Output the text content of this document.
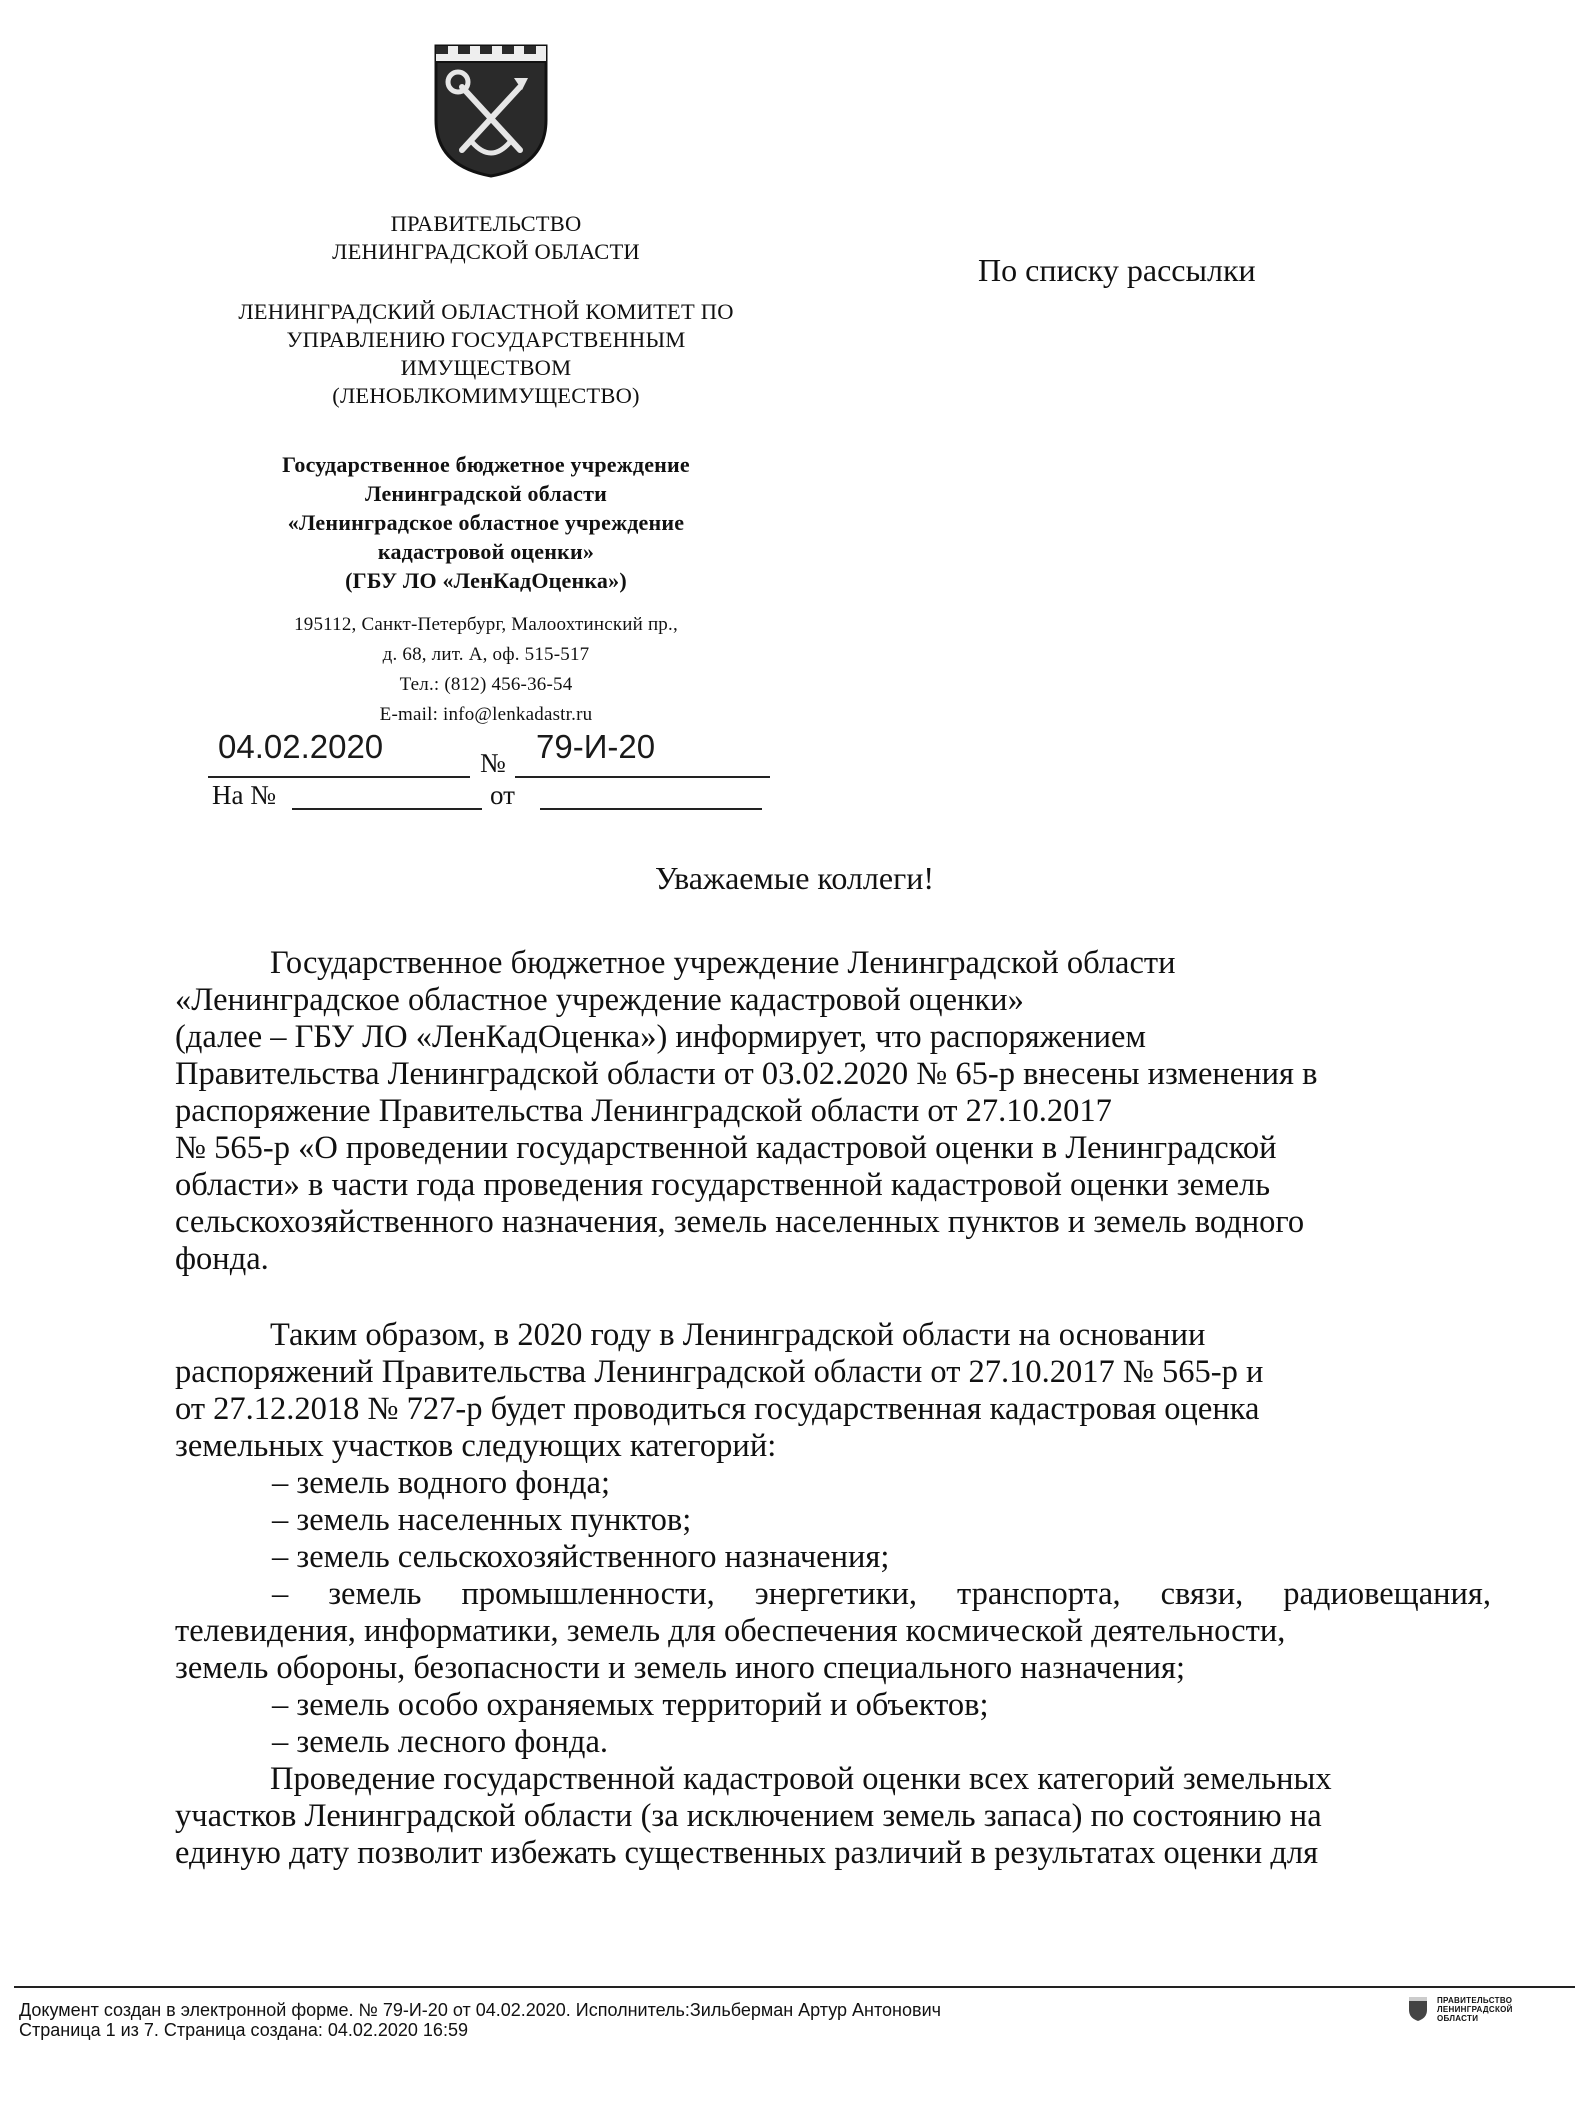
ПРАВИТЕЛЬСТВО
ЛЕНИНГРАДСКОЙ ОБЛАСТИ
ЛЕНИНГРАДСКИЙ ОБЛАСТНОЙ КОМИТЕТ ПО
УПРАВЛЕНИЮ ГОСУДАРСТВЕННЫМ
ИМУЩЕСТВОМ
(ЛЕНОБЛКОМИМУЩЕСТВО)
Государственное бюджетное учреждение
Ленинградской области
«Ленинградское областное учреждение
кадастровой оценки»
(ГБУ ЛО «ЛенКадОценка»)
195112, Санкт-Петербург, Малоохтинский пр.,
д. 68, лит. А, оф. 515-517
Тел.: (812) 456-36-54
E-mail: info@lenkadastr.ru
04.02.2020	№ 79-И-20
На №	от
По списку рассылки
Уважаемые коллеги!

Государственное бюджетное учреждение Ленинградской области

«Ленинградское областное учреждение кадастровой оценки»

(далее – ГБУ ЛО «ЛенКадОценка») информирует, что распоряжением

Правительства Ленинградской области от 03.02.2020 № 65-р внесены изменения в

распоряжение Правительства Ленинградской области от 27.10.2017

№ 565-р «О проведении государственной кадастровой оценки в Ленинградской

области» в части года проведения государственной кадастровой оценки земель

сельскохозяйственного назначения, земель населенных пунктов и земель водного

фонда.

Таким образом, в 2020 году в Ленинградской области на основании

распоряжений Правительства Ленинградской области от 27.10.2017 № 565-р и

от 27.12.2018 № 727-р будет проводиться государственная кадастровая оценка

земельных участков следующих категорий:

– земель водного фонда;
– земель населенных пунктов;
– земель сельскохозяйственного назначения;
– земель промышленности, энергетики, транспорта, связи, радиовещания,

телевидения, информатики, земель для обеспечения космической деятельности,

земель обороны, безопасности и земель иного специального назначения;

– земель особо охраняемых территорий и объектов;
– земель лесного фонда.

Проведение государственной кадастровой оценки всех категорий земельных

участков Ленинградской области (за исключением земель запаса) по состоянию на

единую дату позволит избежать существенных различий в результатах оценки для

Документ создан в электронной форме. № 79-И-20 от 04.02.2020. Исполнитель:Зильберман Артур Антонович
Страница 1 из 7. Страница создана: 04.02.2020 16:59
ПРАВИТЕЛЬСТВО
ЛЕНИНГРАДСКОЙ
ОБЛАСТИ
